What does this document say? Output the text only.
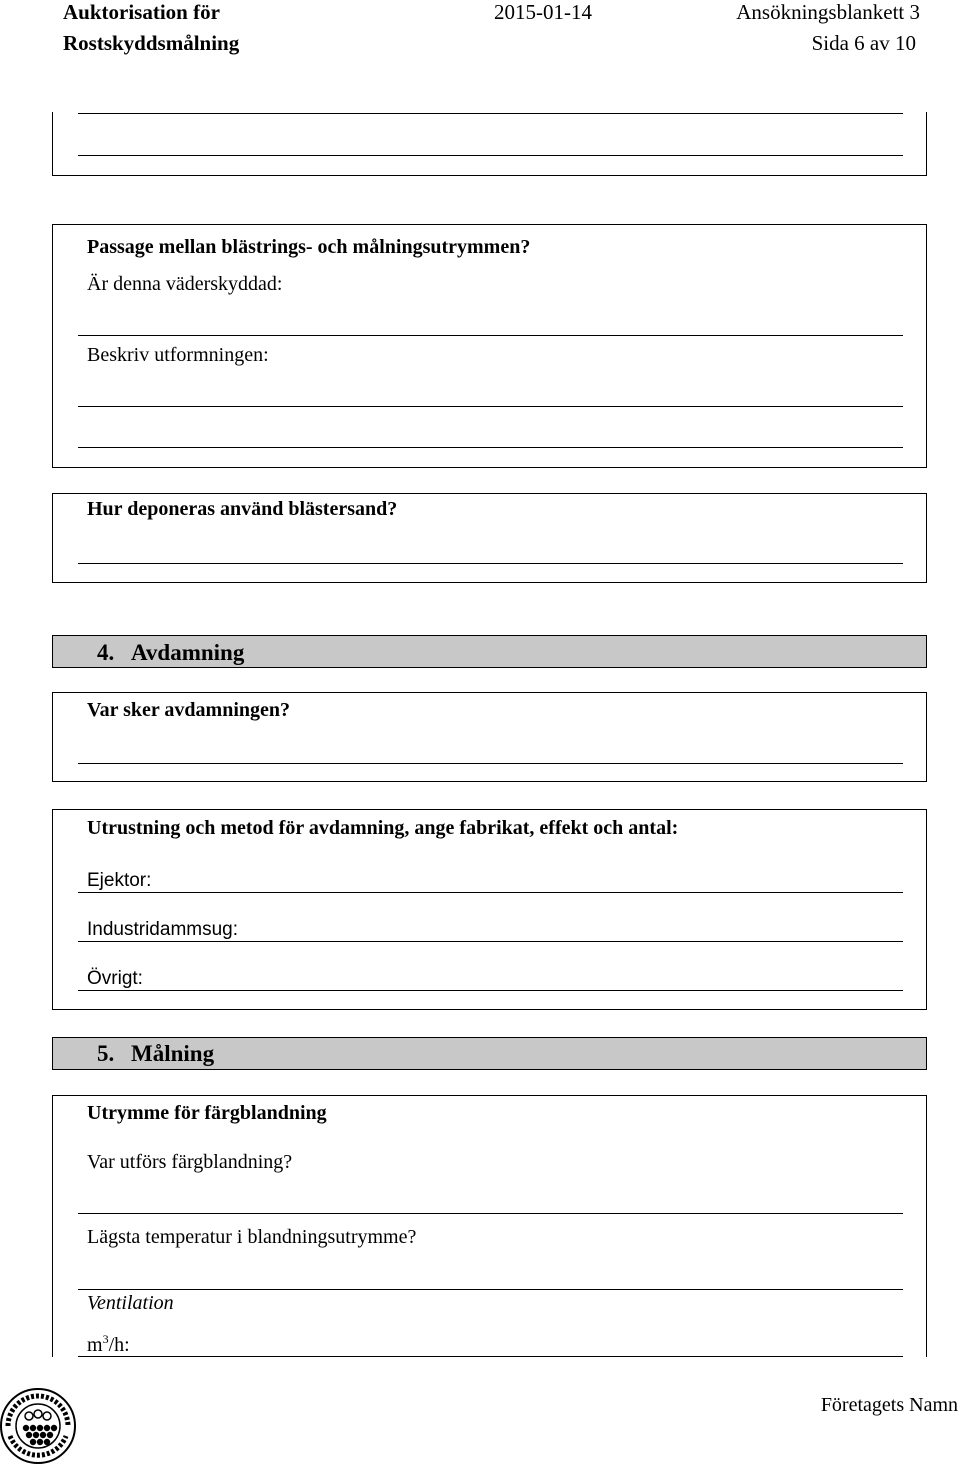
Auktorisation för
Rostskyddsmålning
2015-01-14	Ansökningsblankett 3
Sida 6 av 10
Passage mellan blästrings- och målningsutrymmen?
Är denna väderskyddad:
Beskriv utformningen:
Hur deponeras använd blästersand?
4. Avdamning
Var sker avdamningen?
Utrustning och metod för avdamning, ange fabrikat, effekt och antal:
Ejektor:
Industridammsug:
Övrigt:
5. Målning
Utrymme för färgblandning
Var utförs färgblandning?
Lägsta temperatur i blandningsutrymme?
Ventilation
$m^3/h$:
Företagets Namn
